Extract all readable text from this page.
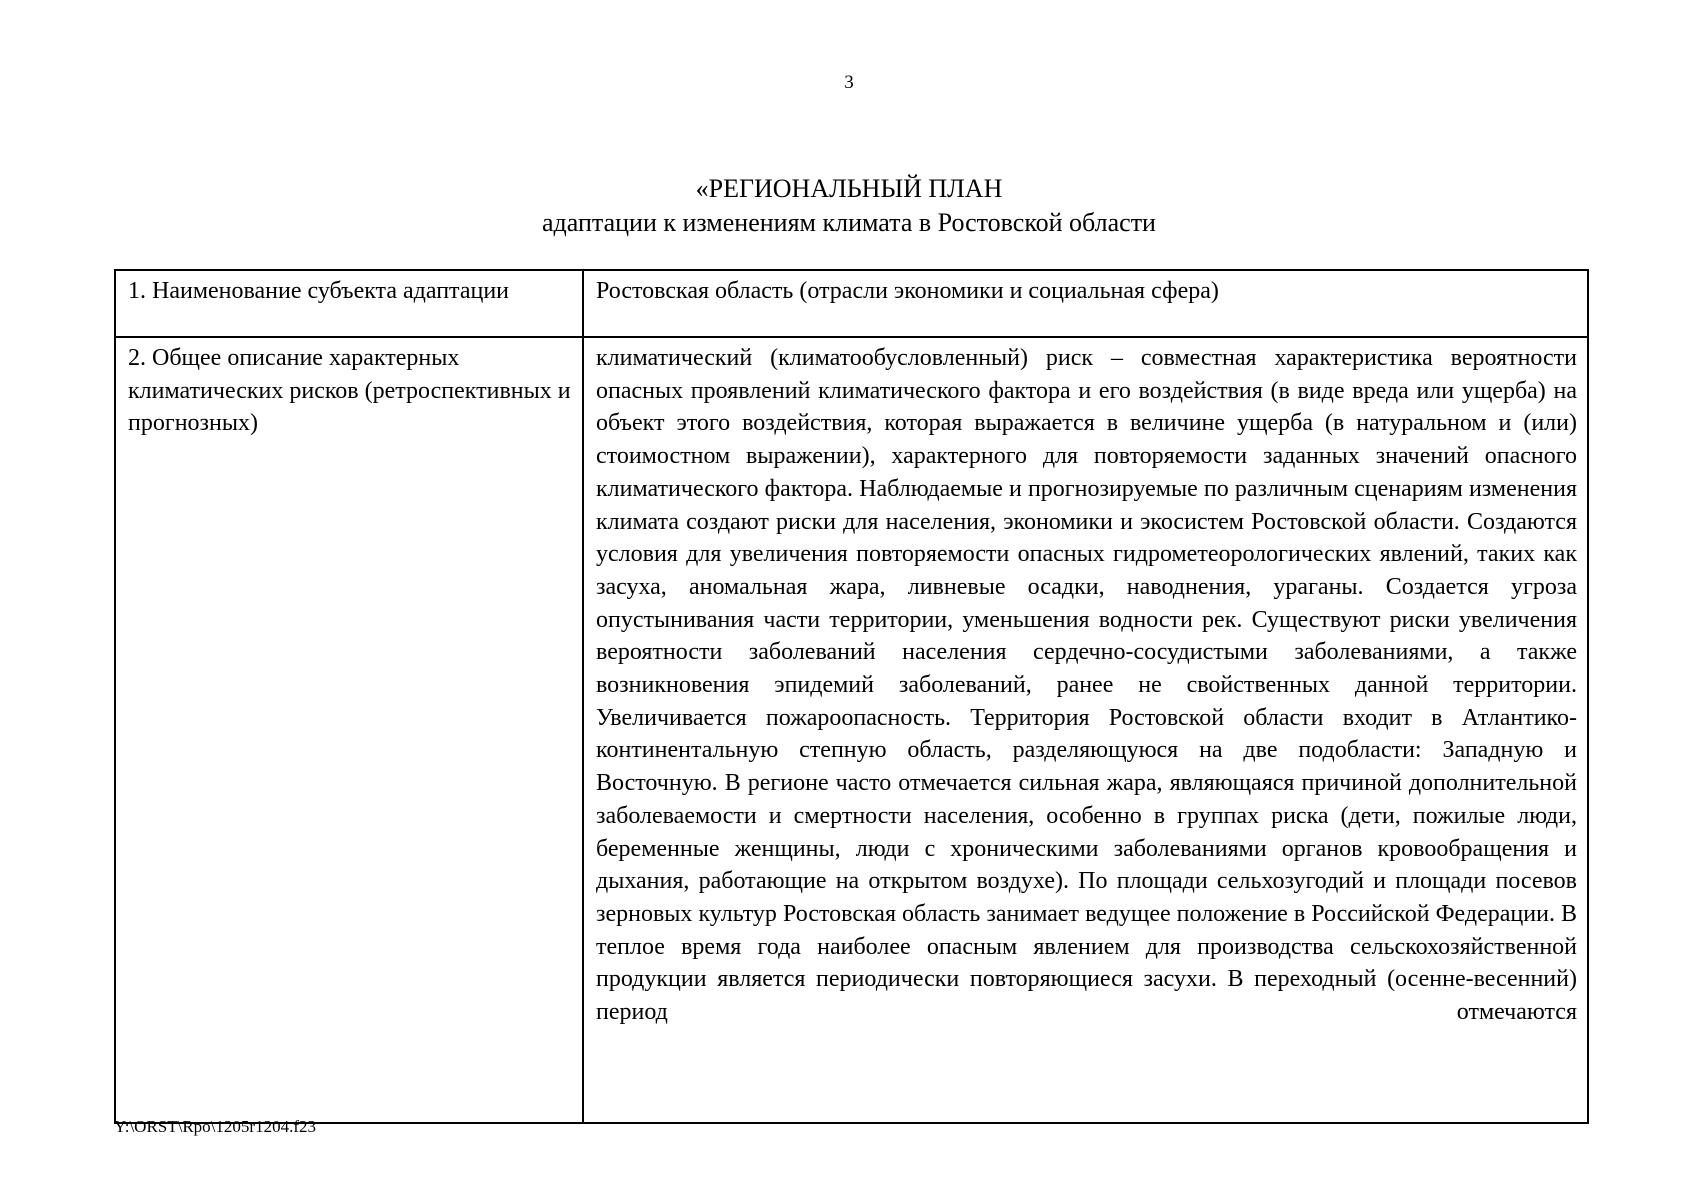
3
«РЕГИОНАЛЬНЫЙ ПЛАН
адаптации к изменениям климата в Ростовской области
1. Наименование субъекта адаптации	Ростовская область (отрасли экономики и социальная сфера)
2. Общее описание характерных климатических рисков (ретроспективных и прогнозных)	климатический (климатообусловленный) риск – совместная характеристика вероятности опасных проявлений климатического фактора и его воздействия (в виде вреда или ущерба) на объект этого воздействия, которая выражается в величине ущерба (в натуральном и (или) стоимостном выражении), характерного для повторяемости заданных значений опасного климатического фактора. Наблюдаемые и прогнозируемые по различным сценариям изменения климата создают риски для населения, экономики и экосистем Ростовской области. Создаются условия для увеличения повторяемости опасных гидрометеорологических явлений, таких как засуха, аномальная жара, ливневые осадки, наводнения, ураганы. Создается угроза опустынивания части территории, уменьшения водности рек. Существуют риски увеличения вероятности заболеваний населения сердечно-сосудистыми заболеваниями, а также возникновения эпидемий заболеваний, ранее не свойственных данной территории. Увеличивается пожароопасность. Территория Ростовской области входит в Атлантико-континентальную степную область, разделяющуюся на две подобласти: Западную и Восточную. В регионе часто отмечается сильная жара, являющаяся причиной дополнительной заболеваемости и смертности населения, особенно в группах риска (дети, пожилые люди, беременные женщины, люди с хроническими заболеваниями органов кровообращения и дыхания, работающие на открытом воздухе). По площади сельхозугодий и площади посевов зерновых культур Ростовская область занимает ведущее положение в Российской Федерации. В теплое время года наиболее опасным явлением для производства сельскохозяйственной продукции является периодически повторяющиеся засухи. В переходный (осенне-весенний) период отмечаются
Y:\ORST\Rpo\1205r1204.f23
